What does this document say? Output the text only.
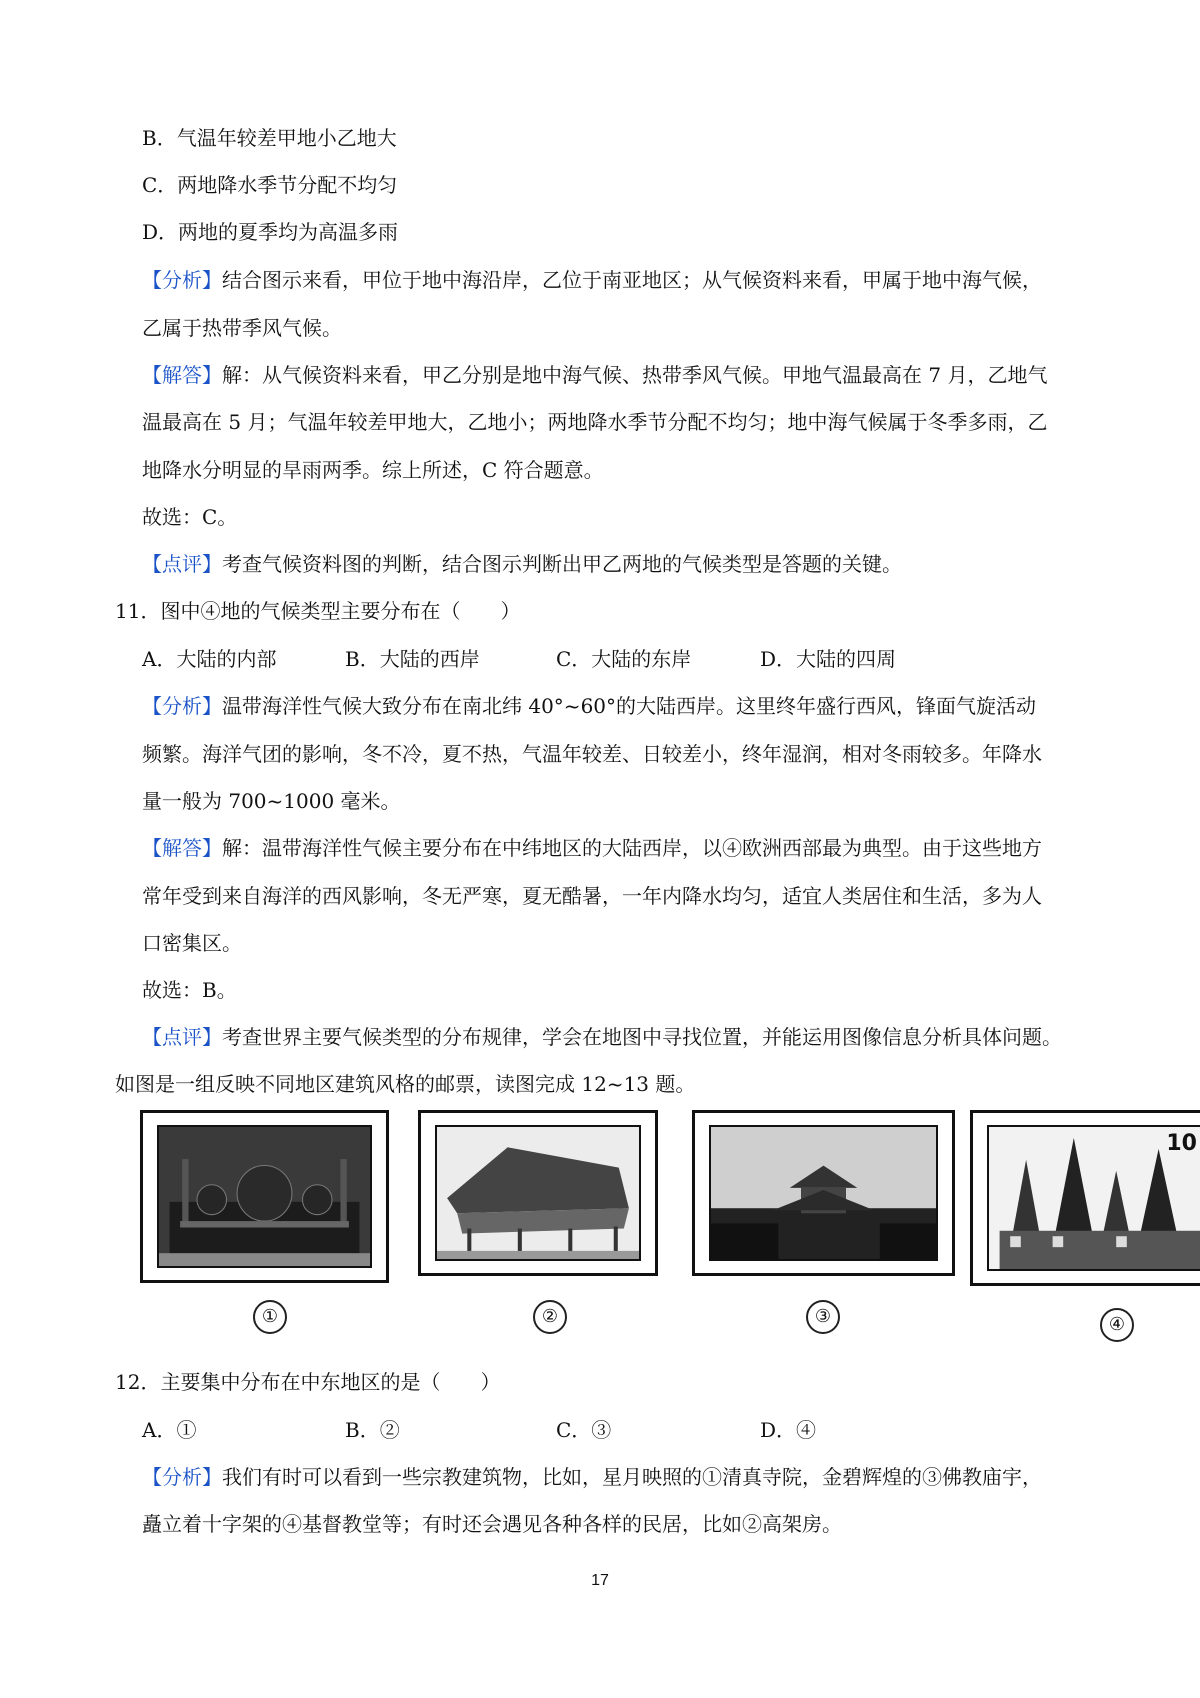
B．气温年较差甲地小乙地大
C．两地降水季节分配不均匀
D．两地的夏季均为高温多雨
【分析】结合图示来看，甲位于地中海沿岸，乙位于南亚地区；从气候资料来看，甲属于地中海气候，
乙属于热带季风气候。
【解答】解：从气候资料来看，甲乙分别是地中海气候、热带季风气候。甲地气温最高在 7 月，乙地气
温最高在 5 月；气温年较差甲地大，乙地小；两地降水季节分配不均匀；地中海气候属于冬季多雨，乙
地降水分明显的旱雨两季。综上所述，C 符合题意。
故选：C。
【点评】考查气候资料图的判断，结合图示判断出甲乙两地的气候类型是答题的关键。
11．图中④地的气候类型主要分布在（　　）
A．大陆的内部	B．大陆的西岸	C．大陆的东岸	D．大陆的四周
【分析】温带海洋性气候大致分布在南北纬 40°~60°的大陆西岸。这里终年盛行西风，锋面气旋活动
频繁。海洋气团的影响，冬不冷，夏不热，气温年较差、日较差小，终年湿润，相对冬雨较多。年降水
量一般为 700~1000 毫米。
【解答】解：温带海洋性气候主要分布在中纬地区的大陆西岸，以④欧洲西部最为典型。由于这些地方
常年受到来自海洋的西风影响，冬无严寒，夏无酷暑，一年内降水均匀，适宜人类居住和生活，多为人
口密集区。
故选：B。
【点评】考查世界主要气候类型的分布规律，学会在地图中寻找位置，并能运用图像信息分析具体问题。
如图是一组反映不同地区建筑风格的邮票，读图完成 12~13 题。
10
①	②	③	④
12．主要集中分布在中东地区的是（　　）
A．①	B．②	C．③	D．④
【分析】我们有时可以看到一些宗教建筑物，比如，星月映照的①清真寺院，金碧辉煌的③佛教庙宇，
矗立着十字架的④基督教堂等；有时还会遇见各种各样的民居，比如②高架房。
17
